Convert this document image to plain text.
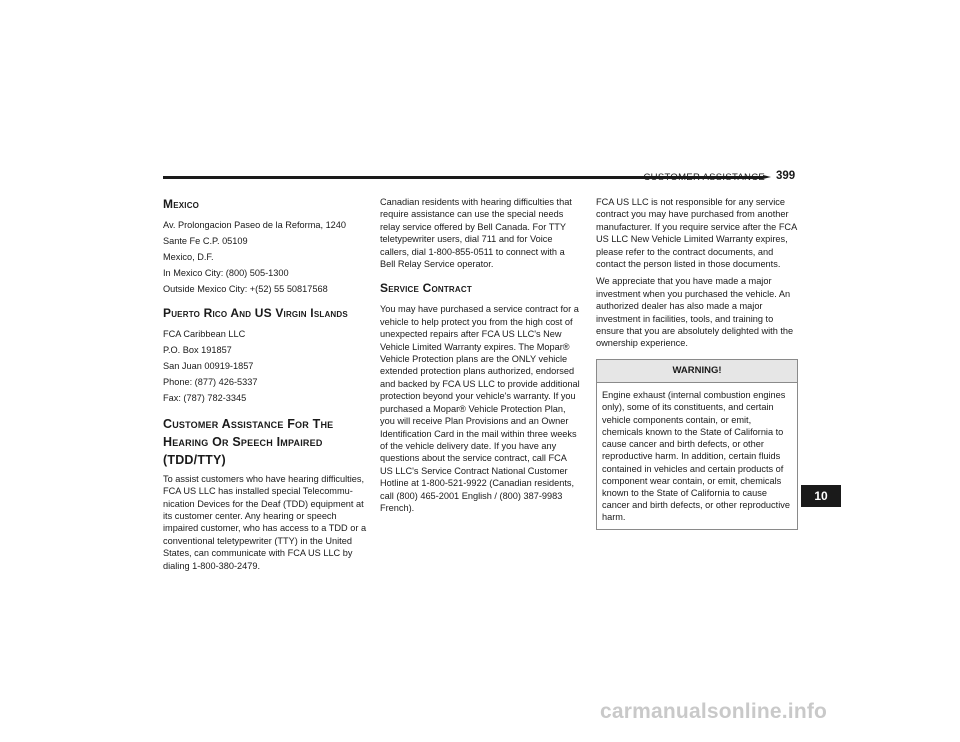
CUSTOMER ASSISTANCE 399
Mexico

Av. Prolongacion Paseo de la Reforma, 1240

Sante Fe C.P. 05109

Mexico, D.F.

In Mexico City: (800) 505-1300

Outside Mexico City: +(52) 55 50817568

Puerto Rico And US Virgin Islands

FCA Caribbean LLC

P.O. Box 191857

San Juan 00919-1857

Phone: (877) 426-5337

Fax: (787) 782-3345

Customer Assistance For The Hearing Or Speech Impaired
(TDD/TTY)

To assist customers who have hearing difficulties, FCA US LLC has installed special Telecommu-nication Devices for the Deaf (TDD) equipment at its customer center. Any hearing or speech impaired customer, who has access to a TDD or a conventional teletypewriter (TTY) in the United States, can communicate with FCA US LLC by dialing 1-800-380-2479.

Canadian residents with hearing difficulties that require assistance can use the special needs relay service offered by Bell Canada. For TTY teletypewriter users, dial 711 and for Voice callers, dial 1-800-855-0511 to connect with a Bell Relay Service operator.

Service Contract

You may have purchased a service contract for a vehicle to help protect you from the high cost of unexpected repairs after FCA US LLC's New Vehicle Limited Warranty expires. The Mopar® Vehicle Protection plans are the ONLY vehicle extended protection plans authorized, endorsed and backed by FCA US LLC to provide additional protection beyond your vehicle's warranty. If you purchased a Mopar® Vehicle Protection Plan, you will receive Plan Provisions and an Owner Identification Card in the mail within three weeks of the vehicle delivery date. If you have any questions about the service contract, call FCA US LLC's Service Contract National Customer Hotline at 1-800-521-9922 (Canadian residents, call (800) 465-2001 English / (800) 387-9983 French).

FCA US LLC is not responsible for any service contract you may have purchased from another manufacturer. If you require service after the FCA US LLC New Vehicle Limited Warranty expires, please refer to the contract documents, and contact the person listed in those documents.

We appreciate that you have made a major investment when you purchased the vehicle. An authorized dealer has also made a major investment in facilities, tools, and training to ensure that you are absolutely delighted with the ownership experience.

WARNING!
Engine exhaust (internal combustion engines only), some of its constituents, and certain vehicle components contain, or emit, chemicals known to the State of California to cause cancer and birth defects, or other reproductive harm. In addition, certain fluids contained in vehicles and certain products of component wear contain, or emit, chemicals known to the State of California to cause cancer and birth defects, or other reproductive harm.
10
carmanualsonline.info
